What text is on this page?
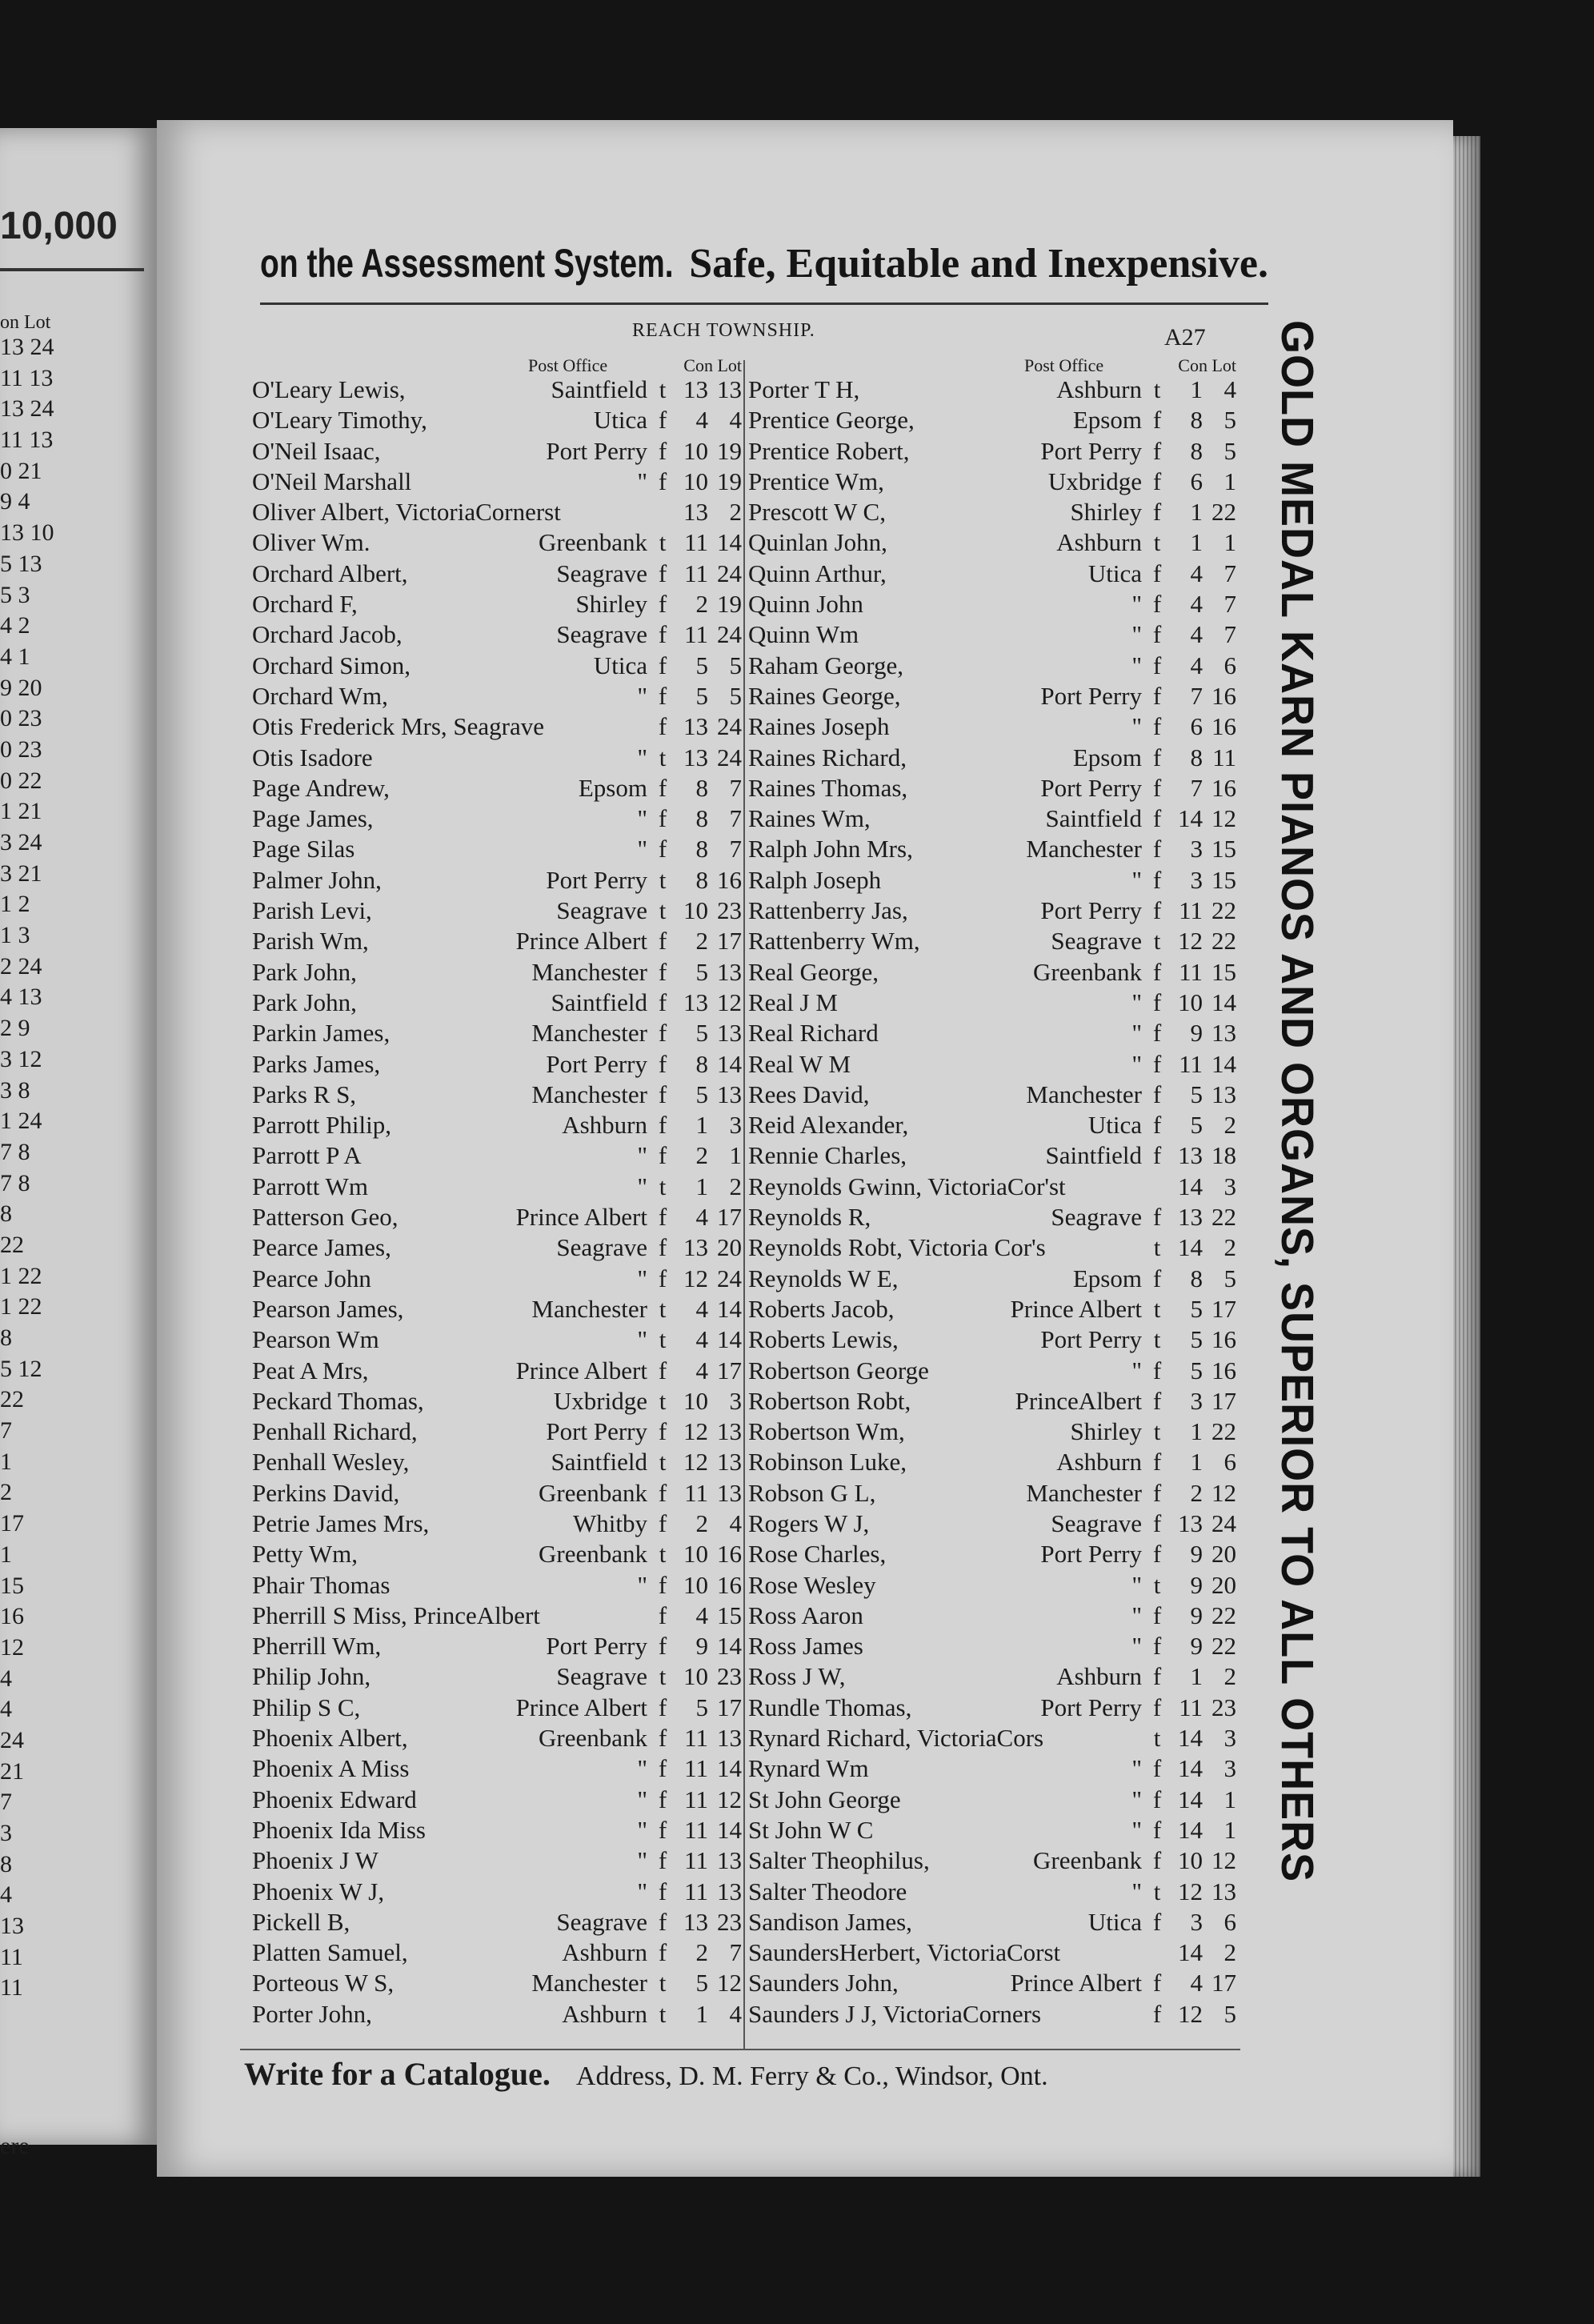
10,000
on Lot
13 24
11 13
13 24
11 13
0 21
9 4
13 10
5 13
5 3
4 2
4 1
9 20
0 23
0 23
0 22
1 21
3 24
3 21
1 2
1 3
2 24
4 13
2 9
3 12
3 8
1 24
7 8
7 8
8
22
1 22
1 22
8
5 12
22
7
1
2
17
1
15
16
12
4
4
24
21
7
3
8
4
13
11
11
ere
on the Assessment System. Safe, Equitable and Inexpensive.
REACH TOWNSHIP.	A27
Post Office	Con Lot
O'Leary Lewis,	Saintfield t 13 13
O'Leary Timothy,	Utica f	4 4
O'Neil Isaac,	Port Perry f 10 19
O'Neil Marshall	" f 10 19
Oliver Albert, VictoriaCornerst	13 2
Oliver Wm.	Greenbank t 11 14
Orchard Albert,	Seagrave f 11 24
Orchard F,	Shirley f	2 19
Orchard Jacob,	Seagrave f 11 24
Orchard Simon,	Utica f	5 5
Orchard Wm,	" f	5 5
Otis Frederick Mrs, Seagrave	f 13 24
Otis Isadore	" t 13 24
Page Andrew,	Epsom f	8 7
Page James,	" f	8 7
Page Silas	" f	8 7
Palmer John,	Port Perry t	8 16
Parish Levi,	Seagrave t 10 23
Parish Wm,	Prince Albert f	2 17
Park John,	Manchester f	5 13
Park John,	Saintfield f 13 12
Parkin James,	Manchester f	5 13
Parks James,	Port Perry f	8 14
Parks R S,	Manchester f	5 13
Parrott Philip,	Ashburn f	1 3
Parrott P A	" f	2 1
Parrott Wm	" t	1 2
Patterson Geo,	Prince Albert f	4 17
Pearce James,	Seagrave f 13 20
Pearce John	" f 12 24
Pearson James,	Manchester t	4 14
Pearson Wm	" t	4 14
Peat A Mrs,	Prince Albert f	4 17
Peckard Thomas,	Uxbridge t 10 3
Penhall Richard,	Port Perry f 12 13
Penhall Wesley,	Saintfield t 12 13
Perkins David,	Greenbank f 11 13
Petrie James Mrs,	Whitby f	2 4
Petty Wm,	Greenbank t 10 16
Phair Thomas	" f 10 16
Pherrill S Miss, PrinceAlbert	f	4 15
Pherrill Wm,	Port Perry f	9 14
Philip John,	Seagrave t 10 23
Philip S C,	Prince Albert f	5 17
Phoenix Albert,	Greenbank f 11 13
Phoenix A Miss	" f 11 14
Phoenix Edward	" f 11 12
Phoenix Ida Miss	" f 11 14
Phoenix J W	" f 11 13
Phoenix W J,	" f 11 13
Pickell B,	Seagrave f 13 23
Platten Samuel,	Ashburn f	2 7
Porteous W S,	Manchester t	5 12
Porter John,	Ashburn t	1 4
Post Office	Con Lot
Porter T H,	Ashburn t	1 4
Prentice George,	Epsom f	8 5
Prentice Robert,	Port Perry f	8 5
Prentice Wm,	Uxbridge f	6 1
Prescott W C,	Shirley f	1 22
Quinlan John,	Ashburn t	1 1
Quinn Arthur,	Utica f	4 7
Quinn John	" f	4 7
Quinn Wm	" f	4 7
Raham George,	" f	4 6
Raines George,	Port Perry f	7 16
Raines Joseph	" f	6 16
Raines Richard,	Epsom f	8 11
Raines Thomas,	Port Perry f	7 16
Raines Wm,	Saintfield f 14 12
Ralph John Mrs,	Manchester f	3 15
Ralph Joseph	" f	3 15
Rattenberry Jas,	Port Perry f 11 22
Rattenberry Wm,	Seagrave t 12 22
Real George,	Greenbank f 11 15
Real J M	" f 10 14
Real Richard	" f	9 13
Real W M	" f 11 14
Rees David,	Manchester f	5 13
Reid Alexander,	Utica f	5 2
Rennie Charles,	Saintfield f 13 18
Reynolds Gwinn, VictoriaCor'st	14 3
Reynolds R,	Seagrave f 13 22
Reynolds Robt, Victoria Cor's	t 14 2
Reynolds W E,	Epsom f	8 5
Roberts Jacob,	Prince Albert t	5 17
Roberts Lewis,	Port Perry t	5 16
Robertson George	" f	5 16
Robertson Robt,	PrinceAlbert f	3 17
Robertson Wm,	Shirley t	1 22
Robinson Luke,	Ashburn f	1 6
Robson G L,	Manchester f	2 12
Rogers W J,	Seagrave f 13 24
Rose Charles,	Port Perry f	9 20
Rose Wesley	" t	9 20
Ross Aaron	" f	9 22
Ross James	" f	9 22
Ross J W,	Ashburn f	1 2
Rundle Thomas,	Port Perry f 11 23
Rynard Richard, VictoriaCors	t 14 3
Rynard Wm	" f 14 3
St John George	" f 14 1
St John W C	" f 14 1
Salter Theophilus,	Greenbank f 10 12
Salter Theodore	" t 12 13
Sandison James,	Utica f	3 6
SaundersHerbert, VictoriaCorst	14 2
Saunders John,	Prince Albert f	4 17
Saunders J J, VictoriaCorners	f 12 5
Write for a Catalogue. Address, D. M. Ferry & Co., Windsor, Ont.
GOLD MEDAL KARN PIANOS AND ORGANS, SUPERIOR TO ALL OTHERS
